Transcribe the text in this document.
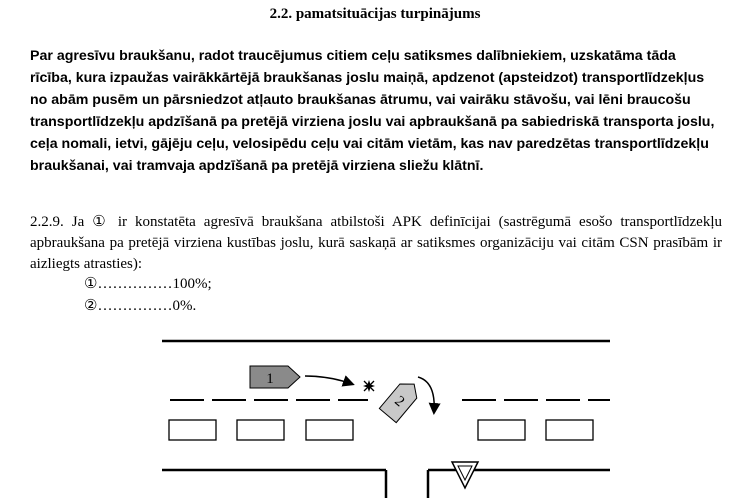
2.2. pamatsituācijas turpinājums

Par agresīvu braukšanu, radot traucējumus citiem ceļu satiksmes dalībniekiem, uzskatāma tāda rīcība, kura izpaužas vairākkārtējā braukšanas joslu maiņā, apdzenot (apsteidzot) transportlīdzekļus no abām pusēm un pārsniedzot atļauto braukšanas ātrumu, vai vairāku stāvošu, vai lēni braucošu transportlīdzekļu apdzīšanā pa pretējā virziena joslu vai apbraukšanā pa sabiedriskā transporta joslu, ceļa nomali, ietvi, gājēju ceļu, velosipēdu ceļu vai citām vietām, kas nav paredzētas transportlīdzekļu braukšanai, vai tramvaja apdzīšanā pa pretējā virziena sliežu klātnī.

2.2.9. Ja ① ir konstatēta agresīvā braukšana atbilstoši APK definīcijai (sastrēgumā esošo transportlīdzekļu apbraukšana pa pretējā virziena kustības joslu, kurā saskaņā ar satiksmes organizāciju vai citām CSN prasībām ir aizliegts atrasties):

①……………100%;
②……………0%.
1
2
